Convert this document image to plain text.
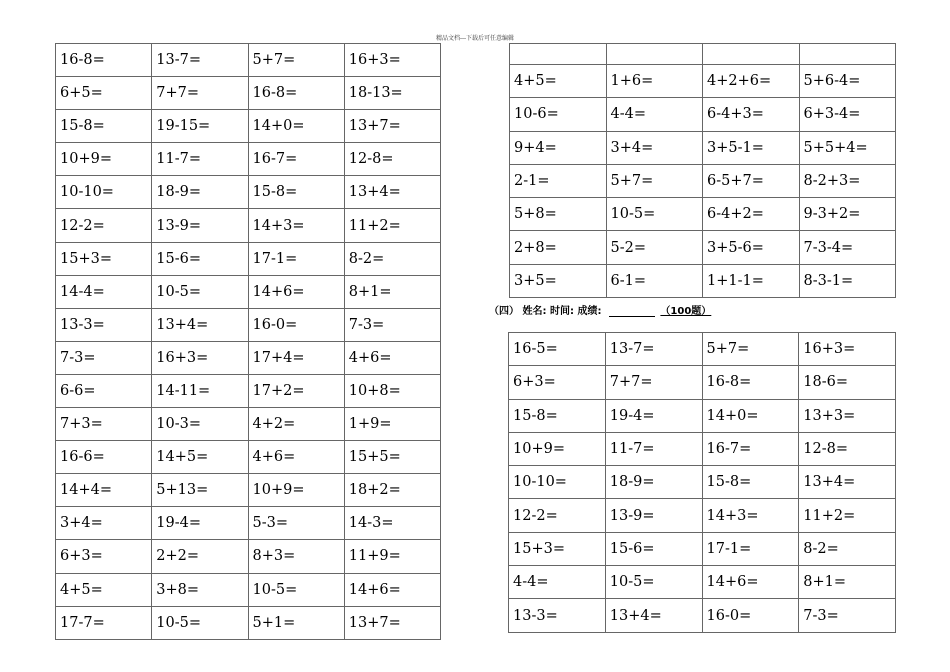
精品文档---下载后可任意编辑
16-8=	13-7=	5+7=	16+3=
6+5=	7+7=	16-8=	18-13=
15-8=	19-15=	14+0=	13+7=
10+9=	11-7=	16-7=	12-8=
10-10=	18-9=	15-8=	13+4=
12-2=	13-9=	14+3=	11+2=
15+3=	15-6=	17-1=	8-2=
14-4=	10-5=	14+6=	8+1=
13-3=	13+4=	16-0=	7-3=
7-3=	16+3=	17+4=	4+6=
6-6=	14-11=	17+2=	10+8=
7+3=	10-3=	4+2=	1+9=
16-6=	14+5=	4+6=	15+5=
14+4=	5+13=	10+9=	18+2=
3+4=	19-4=	5-3=	14-3=
6+3=	2+2=	8+3=	11+9=
4+5=	3+8=	10-5=	14+6=
17-7=	10-5=	5+1=	13+7=

4+5=	1+6=	4+2+6=	5+6-4=
10-6=	4-4=	6-4+3=	6+3-4=
9+4=	3+4=	3+5-1=	5+5+4=
2-1=	5+7=	6-5+7=	8-2+3=
5+8=	10-5=	6-4+2=	9-3+2=
2+8=	5-2=	3+5-6=	7-3-4=
3+5=	6-1=	1+1-1=	8-3-1=
（四） 姓名: 时间: 成绩:	（100题）
16-5=	13-7=	5+7=	16+3=
6+3=	7+7=	16-8=	18-6=
15-8=	19-4=	14+0=	13+3=
10+9=	11-7=	16-7=	12-8=
10-10=	18-9=	15-8=	13+4=
12-2=	13-9=	14+3=	11+2=
15+3=	15-6=	17-1=	8-2=
4-4=	10-5=	14+6=	8+1=
13-3=	13+4=	16-0=	7-3=
